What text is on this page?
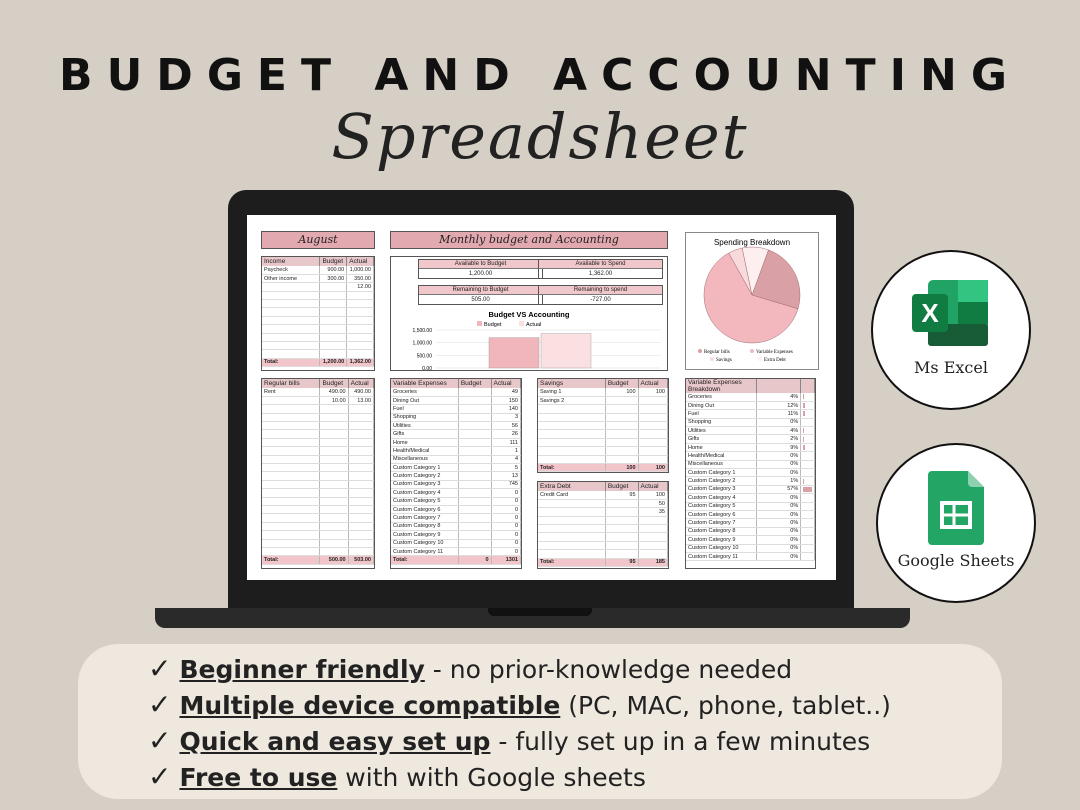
BUDGET AND ACCOUNTING
Spreadsheet
August	Monthly budget and Accounting
Income	Budget	Actual
Paycheck	900.00	1,000.00
Other income	300.00	350.00
		12.00

Total:	1,200.00	1,362.00
Regular bills	Budget	Actual
Rent	490.00	490.00
	10.00	13.00

Total:	500.00	503.00
Variable Expenses	Budget	Actual
Groceries		49
Dining Out		150
Fuel		140
Shopping		3
Utilities		56
Gifts		26
Home		111
Health/Medical		1
Miscellaneous		4
Custom Category 1		5
Custom Category 2		13
Custom Category 3		745
Custom Category 4		0
Custom Category 5		0
Custom Category 6		0
Custom Category 7		0
Custom Category 8		0
Custom Category 9		0
Custom Category 10		0
Custom Category 11		0
Total:	0	1301
Savings	Budget	Actual
Saving 1	100	100
Savings 2		

Total:	100	100
Extra Debt	Budget	Actual
Credit Card	95	100
		50
		35

Total:	95	185
Variable Expenses Breakdown		
Groceries	4%	

Dining Out	12%	

Fuel	11%	

Shopping	0%	
Utilities	4%	

Gifts	2%	

Home	9%	

Health/Medical	0%	
Miscellaneous	0%	
Custom Category 1	0%	
Custom Category 2	1%	

Custom Category 3	57%	

Custom Category 4	0%	
Custom Category 5	0%	
Custom Category 6	0%	
Custom Category 7	0%	
Custom Category 8	0%	
Custom Category 9	0%	
Custom Category 10	0%	
Custom Category 11	0%	
Available to Budget
1,200.00
Available to Spend
1,362.00
Remaining to Budget
505.00
Remaining to spend
-727.00
Budget VS Accounting
Budget	Actual
1,500.00
1,000.00
500.00
0.00
Spending Breakdown
Regular bills	Variable Expenses
Savings	Extra Debt
X
Ms Excel
Google Sheets
✓ Beginner friendly - no prior-knowledge needed
✓ Multiple device compatible (PC, MAC, phone, tablet..)
✓ Quick and easy set up - fully set up in a few minutes
✓ Free to use with with Google sheets
